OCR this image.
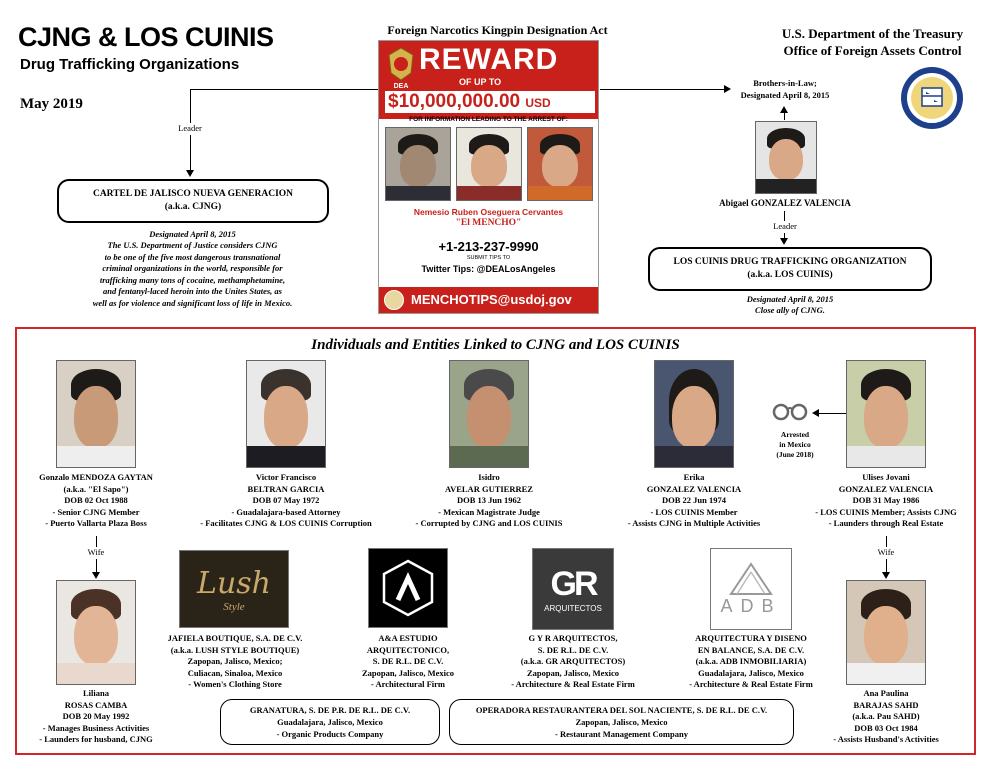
CJNG & LOS CUINIS
Drug Trafficking Organizations
May 2019
Foreign Narcotics Kingpin Designation Act	U.S. Department of the Treasury
Office of Foreign Assets Control
1789
DEA
REWARD
OF UP TO
$10,000,000.00 USD
FOR INFORMATION LEADING TO THE ARREST OF:
Nemesio Ruben Oseguera Cervantes
"El MENCHO"
+1-213-237-9990
SUBMIT TIPS TO
Twitter Tips: @DEALosAngeles
MENCHOTIPS@usdoj.gov
Leader
CARTEL DE JALISCO NUEVA GENERACION
(a.k.a. CJNG)
Designated April 8, 2015
The U.S. Department of Justice considers CJNG
to be one of the five most dangerous transnational
criminal organizations in the world, responsible for
trafficking many tons of cocaine, methamphetamine,
and fentanyl-laced heroin into the Unites States, as
well as for violence and significant loss of life in Mexico.
Brothers-in-Law;
Designated April 8, 2015
Abigael GONZALEZ VALENCIA
Leader
LOS CUINIS DRUG TRAFFICKING ORGANIZATION
(a.k.a. LOS CUINIS)
Designated April 8, 2015
Close ally of CJNG.
Individuals and Entities Linked to CJNG and LOS CUINIS
Arrested
in Mexico
(June 2018)
Gonzalo MENDOZA GAYTAN
(a.k.a. "El Sapo")
DOB 02 Oct 1988
- Senior CJNG Member
- Puerto Vallarta Plaza Boss
Victor Francisco
BELTRAN GARCIA
DOB 07 May 1972
- Guadalajara-based Attorney
- Facilitates CJNG & LOS CUINIS Corruption
Isidro
AVELAR GUTIERREZ
DOB 13 Jun 1962
- Mexican Magistrate Judge
- Corrupted by CJNG and LOS CUINIS
Erika
GONZALEZ VALENCIA
DOB 22 Jun 1974
- LOS CUINIS Member
- Assists CJNG in Multiple Activities
Ulises Jovani
GONZALEZ VALENCIA
DOB 31 May 1986
- LOS CUINIS Member; Assists CJNG
- Launders through Real Estate
Wife	Wife
Liliana
ROSAS CAMBA
DOB 20 May 1992
- Manages Business Activities
- Launders for husband, CJNG
Ana Paulina
BARAJAS SAHD
(a.k.a. Pau SAHD)
DOB 03 Oct 1984
- Assists Husband's Activities
Lush
Style
GR
ARQUITECTOS	ADB
JAFIELA BOUTIQUE, S.A. DE C.V.
(a.k.a. LUSH STYLE BOUTIQUE)
Zapopan, Jalisco, Mexico;
Culiacan, Sinaloa, Mexico
- Women's Clothing Store
A&A ESTUDIO
ARQUITECTONICO,
S. DE R.L. DE C.V.
Zapopan, Jalisco, Mexico
- Architectural Firm
G Y R ARQUITECTOS,
S. DE R.L. DE C.V.
(a.k.a. GR ARQUITECTOS)
Zapopan, Jalisco, Mexico
- Architecture & Real Estate Firm
ARQUITECTURA Y DISENO
EN BALANCE, S.A. DE C.V.
(a.k.a. ADB INMOBILIARIA)
Guadalajara, Jalisco, Mexico
- Architecture & Real Estate Firm
GRANATURA, S. DE P.R. DE R.L. DE C.V.
Guadalajara, Jalisco, Mexico
- Organic Products Company
OPERADORA RESTAURANTERA DEL SOL NACIENTE, S. DE R.L. DE C.V.
Zapopan, Jalisco, Mexico
- Restaurant Management Company
